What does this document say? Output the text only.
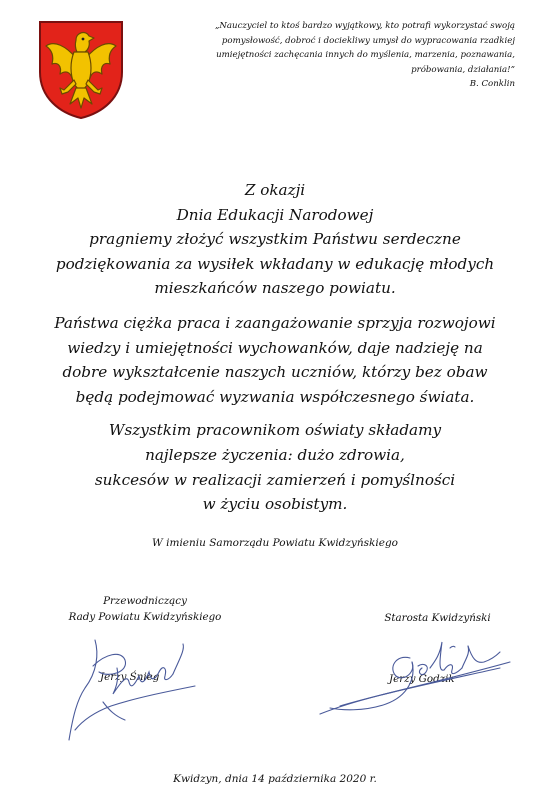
„Nauczyciel to ktoś bardzo wyjątkowy, kto potrafi wykorzystać swoją
pomysłowość, dobroć i dociekliwy umysł do wypracowania rzadkiej
umiejętności zachęcania innych do myślenia, marzenia, poznawania,
próbowania, działania!”
B. Conklin
Z okazji
Dnia Edukacji Narodowej
pragniemy złożyć wszystkim Państwu serdeczne
podziękowania za wysiłek wkładany w edukację młodych
mieszkańców naszego powiatu.
Państwa ciężka praca i zaangażowanie sprzyja rozwojowi
wiedzy i umiejętności wychowanków, daje nadzieję na
dobre wykształcenie naszych uczniów, którzy bez obaw
będą podejmować wyzwania współczesnego świata.
Wszystkim pracownikom oświaty składamy
najlepsze życzenia: dużo zdrowia,
sukcesów w realizacji zamierzeń i pomyślności
w życiu osobistym.
W imieniu Samorządu Powiatu Kwidzyńskiego
Przewodniczący
Rady Powiatu Kwidzyńskiego
Jerzy Śnieg
Starosta Kwidzyński
Jerzy Godzik
Kwidzyn, dnia 14 października 2020 r.
